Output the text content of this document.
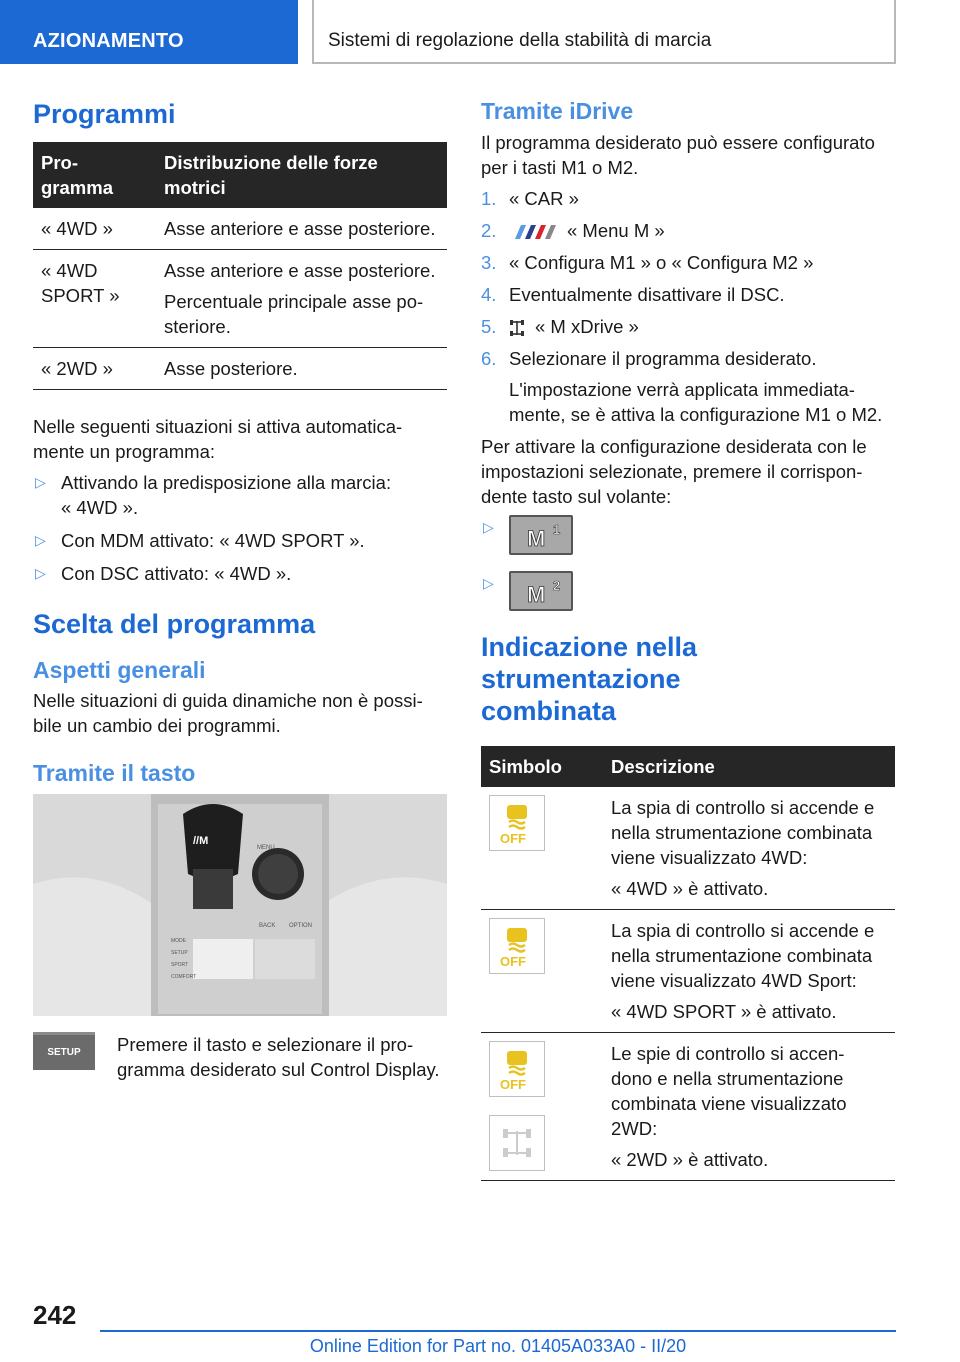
AZIONAMENTO	Sistemi di regolazione della stabilità di marcia
Programmi
Pro-
gramma	Distribuzione delle forze motrici
« 4WD »	Asse anteriore e asse posteriore.

« 4WD SPORT »	Asse anteriore e asse posteriore.

Percentuale principale asse po-
steriore.

« 2WD »	Asse posteriore.

Nelle seguenti situazioni si attiva automatica-
mente un programma:

▷ Attivando la predisposizione alla marcia:
« 4WD ».
▷ Con MDM attivato: « 4WD SPORT ».
▷ Con DSC attivato: « 4WD ».
Scelta del programma
Aspetti generali

Nelle situazioni di guida dinamiche non è possi-
bile un cambio dei programmi.

Tramite il tasto
//M
MENU
BACK OPTION
MODE
SETUP
SPORT
COMFORT
SETUP Premere il tasto e selezionare il pro-
gramma desiderato sul Control Display.

Tramite iDrive

Il programma desiderato può essere configurato
per i tasti M1 o M2.

1. « CAR »
2.	« Menu M »
3. « Configura M1 » o « Configura M2 »
4. Eventualmente disattivare il DSC.
5. « M xDrive »
6. Selezionare il programma desiderato.

L'impostazione verrà applicata immediata-
mente, se è attiva la configurazione M1 o M2.

Per attivare la configurazione desiderata con le
impostazioni selezionate, premere il corrispon-
dente tasto sul volante:

▷ M 1
▷ M 2
Indicazione nella strumentazione
combinata
Simbolo	Descrizione

OFF	La spia di controllo si accende e
nella strumentazione combinata
viene visualizzato 4WD:

« 4WD » è attivato.

OFF	La spia di controllo si accende e
nella strumentazione combinata
viene visualizzato 4WD Sport:

« 4WD SPORT » è attivato.

OFF	Le spie di controllo si accen-
dono e nella strumentazione
combinata viene visualizzato
2WD:

« 2WD » è attivato.

242
Online Edition for Part no. 01405A033A0 - II/20
